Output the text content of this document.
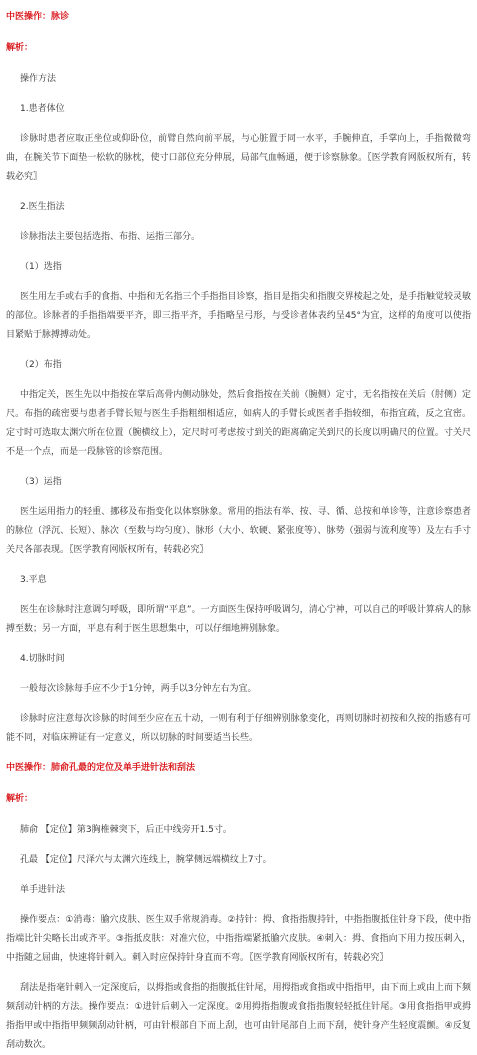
中医操作：脉诊

解析：

操作方法

1.患者体位

诊脉时患者应取正坐位或仰卧位，前臂自然向前平展，与心脏置于同一水平，手腕伸直，手掌向上，手指微微弯曲，在腕关节下面垫一松软的脉枕，使寸口部位充分伸展，局部气血畅通，便于诊察脉象。〖医学教育网版权所有，转载必究〗

2.医生指法

诊脉指法主要包括选指、布指、运指三部分。

（1）选指

医生用左手或右手的食指、中指和无名指三个手指指目诊察，指目是指尖和指腹交界棱起之处，是手指触觉较灵敏的部位。诊脉者的手指指端要平齐，即三指平齐，手指略呈弓形，与受诊者体表约呈45°为宜，这样的角度可以使指目紧贴于脉搏搏动处。

（2）布指

中指定关，医生先以中指按在掌后高骨内侧动脉处，然后食指按在关前（腕侧）定寸，无名指按在关后（肘侧）定尺。布指的疏密要与患者手臂长短与医生手指粗细相适应，如病人的手臂长或医者手指较细，布指宜疏，反之宜密。定寸时可选取太渊穴所在位置（腕横纹上），定尺时可考虑按寸到关的距离确定关到尺的长度以明确尺的位置。寸关尺不是一个点，而是一段脉管的诊察范围。

（3）运指

医生运用指力的轻重、挪移及布指变化以体察脉象。常用的指法有举、按、寻、循、总按和单诊等，注意诊察患者的脉位（浮沉、长短）、脉次（至数与均匀度）、脉形（大小、软硬、紧张度等）、脉势（强弱与流利度等）及左右手寸关尺各部表现。〖医学教育网版权所有，转载必究〗

3.平息

医生在诊脉时注意调匀呼吸，即所谓“平息”。一方面医生保持呼吸调匀，清心宁神，可以自己的呼吸计算病人的脉搏至数；另一方面，平息有利于医生思想集中，可以仔细地辨别脉象。

4.切脉时间

一般每次诊脉每手应不少于1分钟，两手以3分钟左右为宜。

诊脉时应注意每次诊脉的时间至少应在五十动，一则有利于仔细辨别脉象变化，再则切脉时初按和久按的指感有可能不同，对临床辨证有一定意义，所以切脉的时间要适当长些。

中医操作：肺俞孔最的定位及单手进针法和刮法

解析：

肺俞 【定位】第3胸椎棘突下，后正中线旁开1.5寸。

孔最 【定位】尺泽穴与太渊穴连线上，腕掌侧远端横纹上7寸。

单手进针法

操作要点：①消毒：腧穴皮肤、医生双手常规消毒。②持针：拇、食指指腹持针，中指指腹抵住针身下段，使中指指端比针尖略长出或齐平。③指抵皮肤：对准穴位，中指指端紧抵腧穴皮肤。④刺入：拇、食指向下用力按压刺入，中指随之屈曲，快速将针刺入。刺入时应保持针身直而不弯。〖医学教育网版权所有，转载必究〗

刮法是指毫针刺入一定深度后，以拇指或食指的指腹抵住针尾，用拇指或食指或中指指甲，由下而上或由上而下频频刮动针柄的方法。操作要点：①进针后刺入一定深度。②用拇指指腹或食指指腹轻轻抵住针尾。③用食指指甲或拇指指甲或中指指甲频频刮动针柄，可由针根部自下而上刮，也可由针尾部自上而下刮，使针身产生轻度震颤。④反复刮动数次。
